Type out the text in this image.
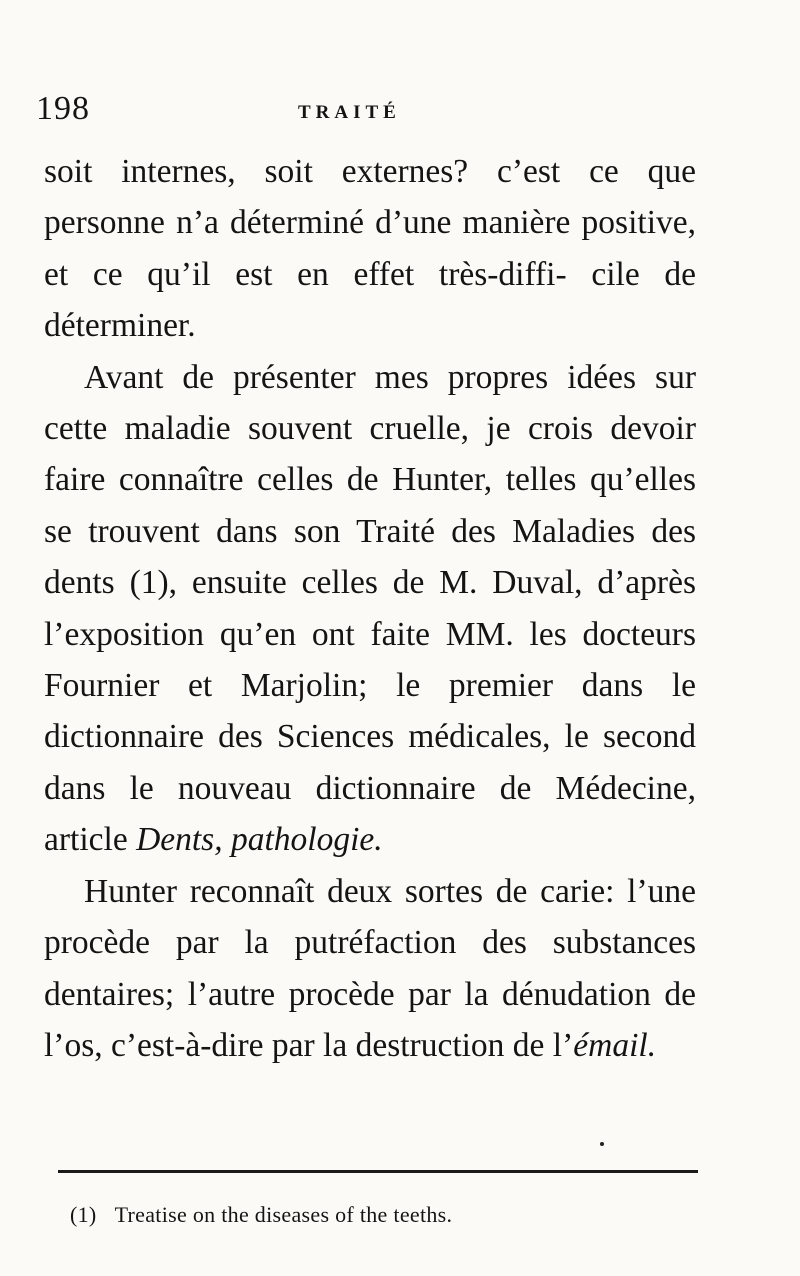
198	TRAITÉ

soit internes, soit externes? c’est ce que personne n’a déterminé d’une manière positive, et ce qu’il est en effet très-diffi- cile de déterminer.

Avant de présenter mes propres idées sur cette maladie souvent cruelle, je crois devoir faire connaître celles de Hunter, telles qu’elles se trouvent dans son Traité des Maladies des dents (1), ensuite celles de M. Duval, d’après l’exposition qu’en ont faite MM. les docteurs Fournier et Marjolin; le premier dans le dictionnaire des Sciences médicales, le second dans le nouveau dictionnaire de Médecine, article Dents, pathologie.

Hunter reconnaît deux sortes de carie: l’une procède par la putréfaction des substances dentaires; l’autre procède par la dénudation de l’os, c’est-à-dire par la destruction de l’émail.

(1) Treatise on the diseases of the teeths.
